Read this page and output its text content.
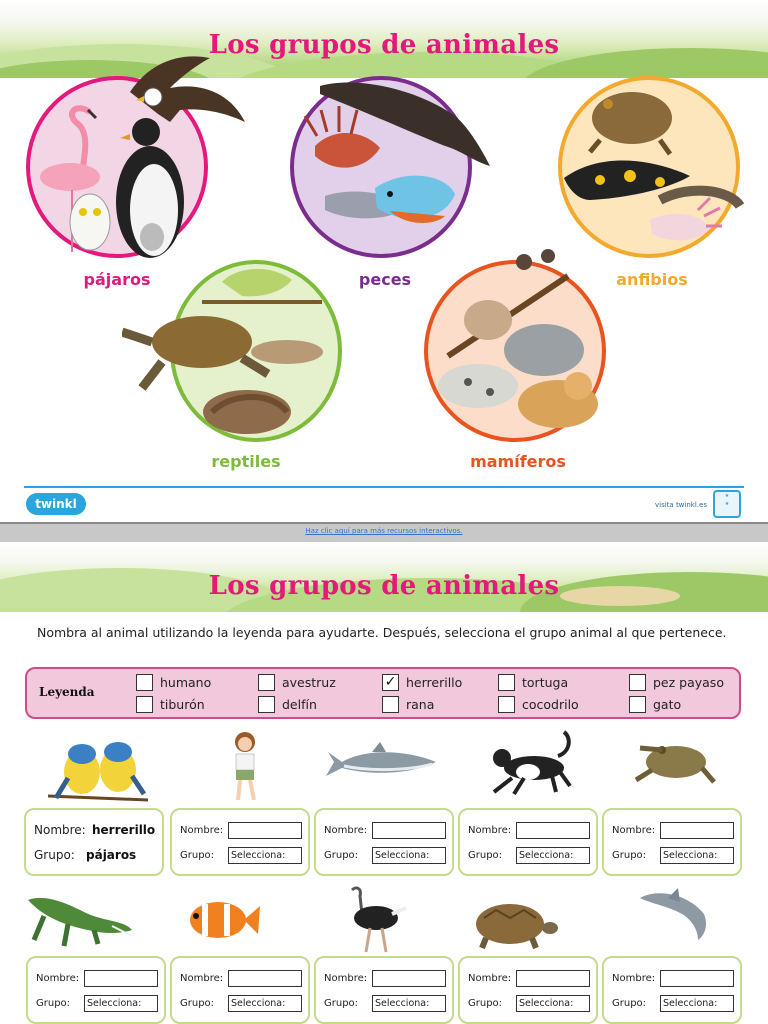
Los grupos de animales
pájaros	peces	anfibios
reptiles	mamíferos
twinkl	visita twinkl.es
★
★
Haz clic aquí para más recursos interactivos.
Los grupos de animales
Nombra al animal utilizando la leyenda para ayudarte. Después, selecciona el grupo animal al que pertenece.
Leyenda
humano	avestruz	✓ herrerillo	tortuga	pez payaso
tiburón	delfín	rana	cocodrilo	gato
Nombre: herrerillo
Grupo: pájaros
Nombre:
Grupo:	Selecciona:
Nombre:
Grupo:	Selecciona:
Nombre:
Grupo:	Selecciona:
Nombre:
Grupo:	Selecciona:
Nombre:
Grupo:	Selecciona:
Nombre:
Grupo:	Selecciona:
Nombre:
Grupo:	Selecciona:
Nombre:
Grupo:	Selecciona:
Nombre:
Grupo:	Selecciona:
